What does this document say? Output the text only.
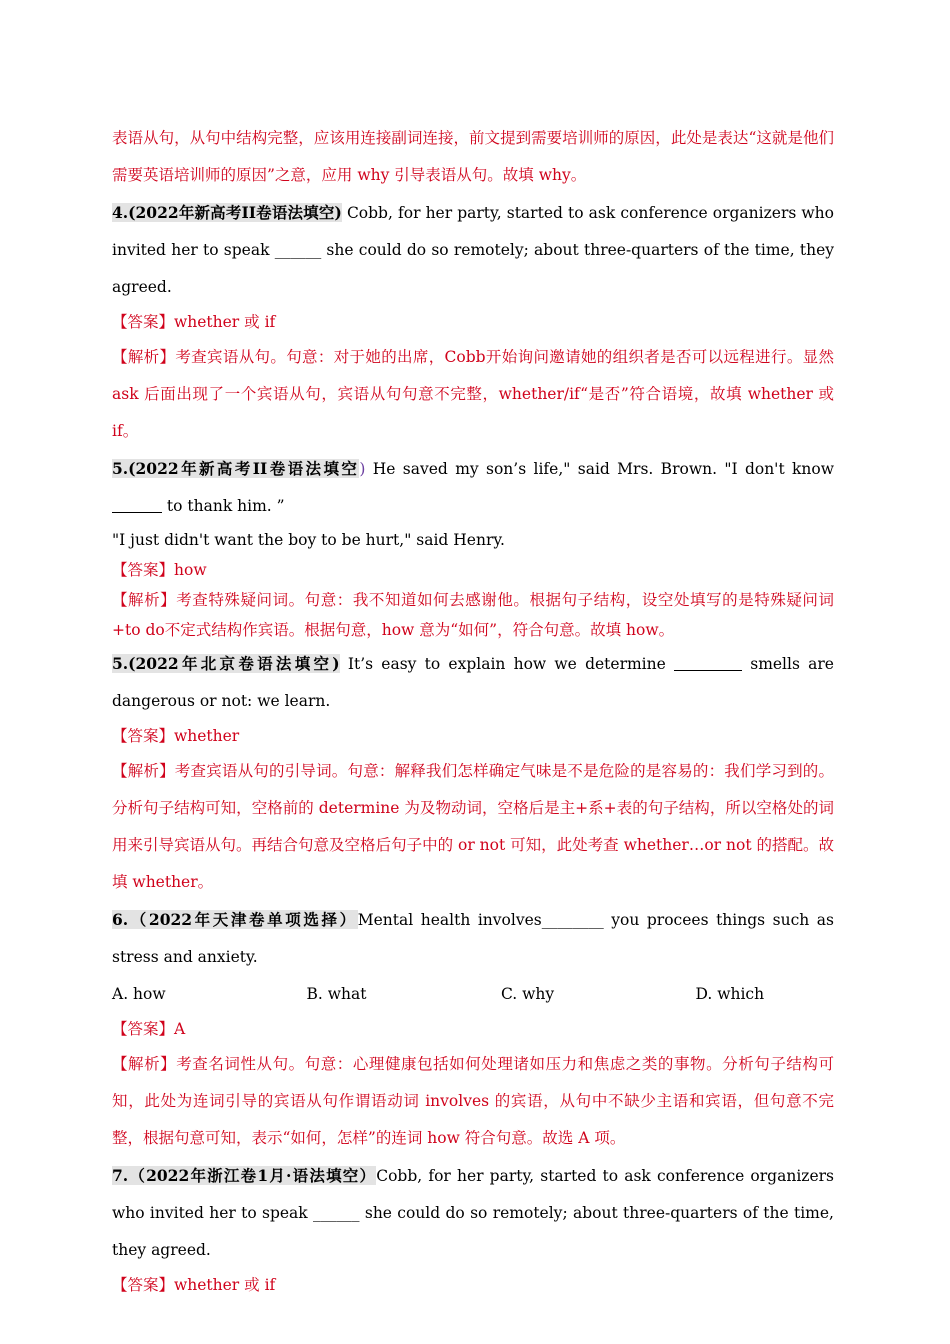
表语从句，从句中结构完整，应该用连接副词连接，前文提到需要培训师的原因，此处是表达“这就是他们需要英语培训师的原因”之意，应用 why 引导表语从句。故填 why。

4.(2022年新高考II卷语法填空) Cobb, for her party, started to ask conference organizers who invited her to speak ______ she could do so remotely; about three-quarters of the time, they agreed.

【答案】whether 或 if

【解析】考查宾语从句。句意：对于她的出席，Cobb开始询问邀请她的组织者是否可以远程进行。显然 ask 后面出现了一个宾语从句，宾语从句句意不完整，whether/if“是否”符合语境，故填 whether 或 if。

5.(2022年新高考II卷语法填空) He saved my son’s life," said Mrs. Brown. "I don't know  to thank him. ”

"I just didn't want the boy to be hurt," said Henry.

【答案】how

【解析】考查特殊疑问词。句意：我不知道如何去感谢他。根据句子结构，设空处填写的是特殊疑问词+to do不定式结构作宾语。根据句意，how 意为“如何”，符合句意。故填 how。

5.(2022年北京卷语法填空) It’s easy to explain how we determine	smells are dangerous or not: we learn.

【答案】whether

【解析】考查宾语从句的引导词。句意：解释我们怎样确定气味是不是危险的是容易的：我们学习到的。分析句子结构可知，空格前的 determine 为及物动词，空格后是主+系+表的句子结构，所以空格处的词用来引导宾语从句。再结合句意及空格后句子中的 or not 可知，此处考查 whether…or not 的搭配。故填 whether。

6.（2022年天津卷单项选择）Mental health involves________ you procees things such as stress and anxiety.

A. how	B. what	C. why	D. which

【答案】A

【解析】考查名词性从句。句意：心理健康包括如何处理诸如压力和焦虑之类的事物。分析句子结构可知，此处为连词引导的宾语从句作谓语动词 involves 的宾语，从句中不缺少主语和宾语，但句意不完整，根据句意可知，表示“如何，怎样”的连词 how 符合句意。故选 A 项。

7.（2022年浙江卷1月·语法填空）Cobb, for her party, started to ask conference organizers who invited her to speak ______ she could do so remotely; about three-quarters of the time, they agreed.

【答案】whether 或 if
